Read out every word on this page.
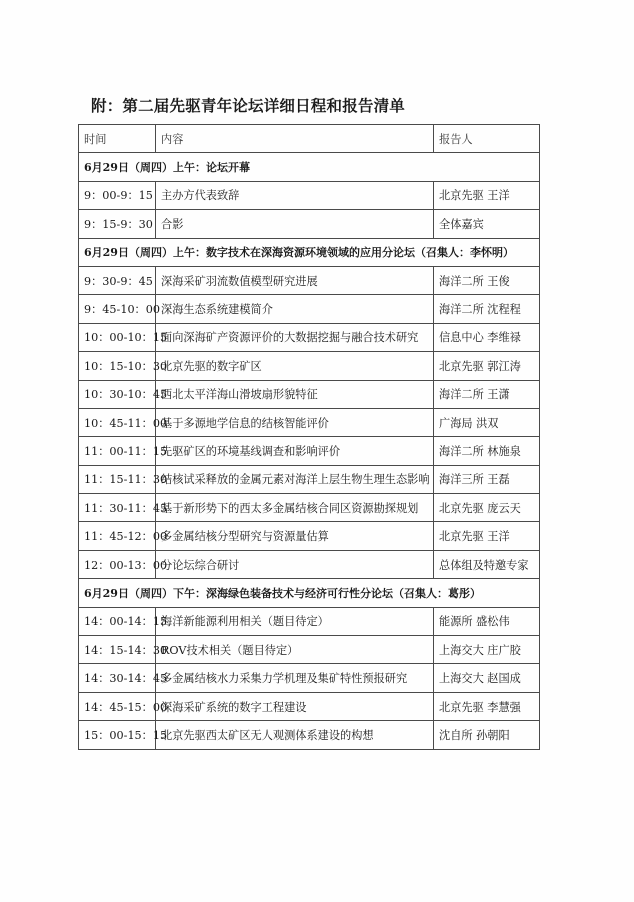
附：第二届先驱青年论坛详细日程和报告清单
时间	内容	报告人
6月29日（周四）上午：论坛开幕		
9：00-9：15	主办方代表致辞	北京先驱 王洋
9：15-9：30	合影	全体嘉宾
6月29日（周四）上午：数字技术在深海资源环境领域的应用分论坛（召集人：李怀明）		
9：30-9：45	深海采矿羽流数值模型研究进展	海洋二所 王俊
9：45-10：00	深海生态系统建模简介	海洋二所 沈程程
10：00-10：15	面向深海矿产资源评价的大数据挖掘与融合技术研究	信息中心 李维禄
10：15-10：30	北京先驱的数字矿区	北京先驱 郭江涛
10：30-10：45	西北太平洋海山滑坡扇形貌特征	海洋二所 王潇
10：45-11：00	基于多源地学信息的结核智能评价	广海局 洪双
11：00-11：15	先驱矿区的环境基线调查和影响评价	海洋二所 林施泉
11：15-11：30	结核试采释放的金属元素对海洋上层生物生理生态影响	海洋三所 王磊
11：30-11：45	基于新形势下的西太多金属结核合同区资源勘探规划	北京先驱 庞云天
11：45-12：00	多金属结核分型研究与资源量估算	北京先驱 王洋
12：00-13：00	分论坛综合研讨	总体组及特邀专家
6月29日（周四）下午：深海绿色装备技术与经济可行性分论坛（召集人：葛彤）		
14：00-14：15	海洋新能源利用相关（题目待定）	能源所 盛松伟
14：15-14：30	ROV技术相关（题目待定）	上海交大 庄广胶
14：30-14：45	多金属结核水力采集力学机理及集矿特性预报研究	上海交大 赵国成
14：45-15：00	深海采矿系统的数字工程建设	北京先驱 李慧强
15：00-15：15	北京先驱西太矿区无人观测体系建设的构想	沈自所 孙朝阳
